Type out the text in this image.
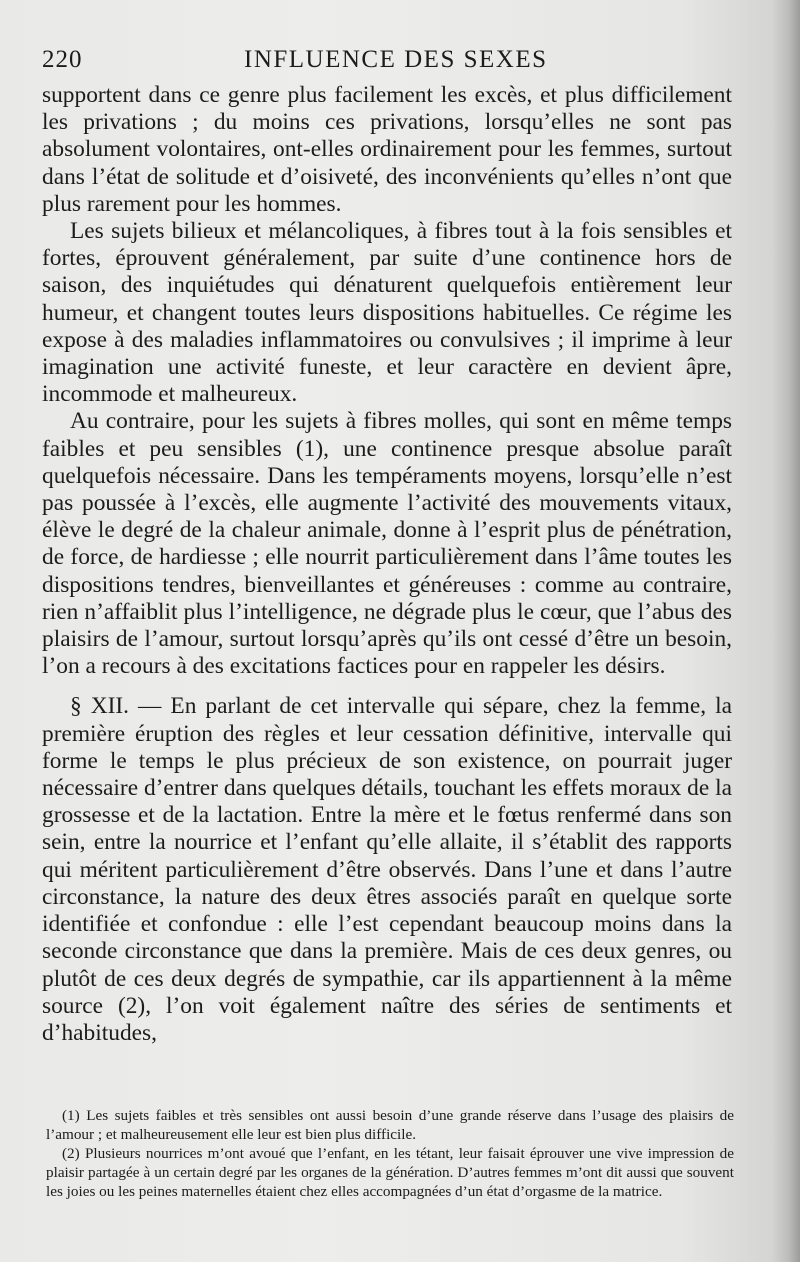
220	INFLUENCE DES SEXES

supportent dans ce genre plus facilement les excès, et plus difficilement les privations ; du moins ces privations, lorsqu’elles ne sont pas absolument volontaires, ont-elles ordinairement pour les femmes, surtout dans l’état de solitude et d’oisiveté, des inconvénients qu’elles n’ont que plus rarement pour les hommes.

Les sujets bilieux et mélancoliques, à fibres tout à la fois sensibles et fortes, éprouvent généralement, par suite d’une continence hors de saison, des inquiétudes qui dénaturent quelquefois entièrement leur humeur, et changent toutes leurs dispositions habituelles. Ce régime les expose à des maladies inflammatoires ou convulsives ; il imprime à leur imagination une activité funeste, et leur caractère en devient âpre, incommode et malheureux.

Au contraire, pour les sujets à fibres molles, qui sont en même temps faibles et peu sensibles (1), une continence presque absolue paraît quelquefois nécessaire. Dans les tempéraments moyens, lorsqu’elle n’est pas poussée à l’excès, elle augmente l’activité des mouvements vitaux, élève le degré de la chaleur animale, donne à l’esprit plus de pénétration, de force, de hardiesse ; elle nourrit particulièrement dans l’âme toutes les dispositions tendres, bienveillantes et généreuses : comme au contraire, rien n’affaiblit plus l’intelligence, ne dégrade plus le cœur, que l’abus des plaisirs de l’amour, surtout lorsqu’après qu’ils ont cessé d’être un besoin, l’on a recours à des excitations factices pour en rappeler les désirs.

§ XII. — En parlant de cet intervalle qui sépare, chez la femme, la première éruption des règles et leur cessation définitive, intervalle qui forme le temps le plus précieux de son existence, on pourrait juger nécessaire d’entrer dans quelques détails, touchant les effets moraux de la grossesse et de la lactation. Entre la mère et le fœtus renfermé dans son sein, entre la nourrice et l’enfant qu’elle allaite, il s’établit des rapports qui méritent particulièrement d’être observés. Dans l’une et dans l’autre circonstance, la nature des deux êtres associés paraît en quelque sorte identifiée et confondue : elle l’est cependant beaucoup moins dans la seconde circonstance que dans la première. Mais de ces deux genres, ou plutôt de ces deux degrés de sympathie, car ils appartiennent à la même source (2), l’on voit également naître des séries de sentiments et d’habitudes,

(1) Les sujets faibles et très sensibles ont aussi besoin d’une grande réserve dans l’usage des plaisirs de l’amour ; et malheureusement elle leur est bien plus difficile.

(2) Plusieurs nourrices m’ont avoué que l’enfant, en les tétant, leur faisait éprouver une vive impression de plaisir partagée à un certain degré par les organes de la génération. D’autres femmes m’ont dit aussi que souvent les joies ou les peines maternelles étaient chez elles accompagnées d’un état d’orgasme de la matrice.
